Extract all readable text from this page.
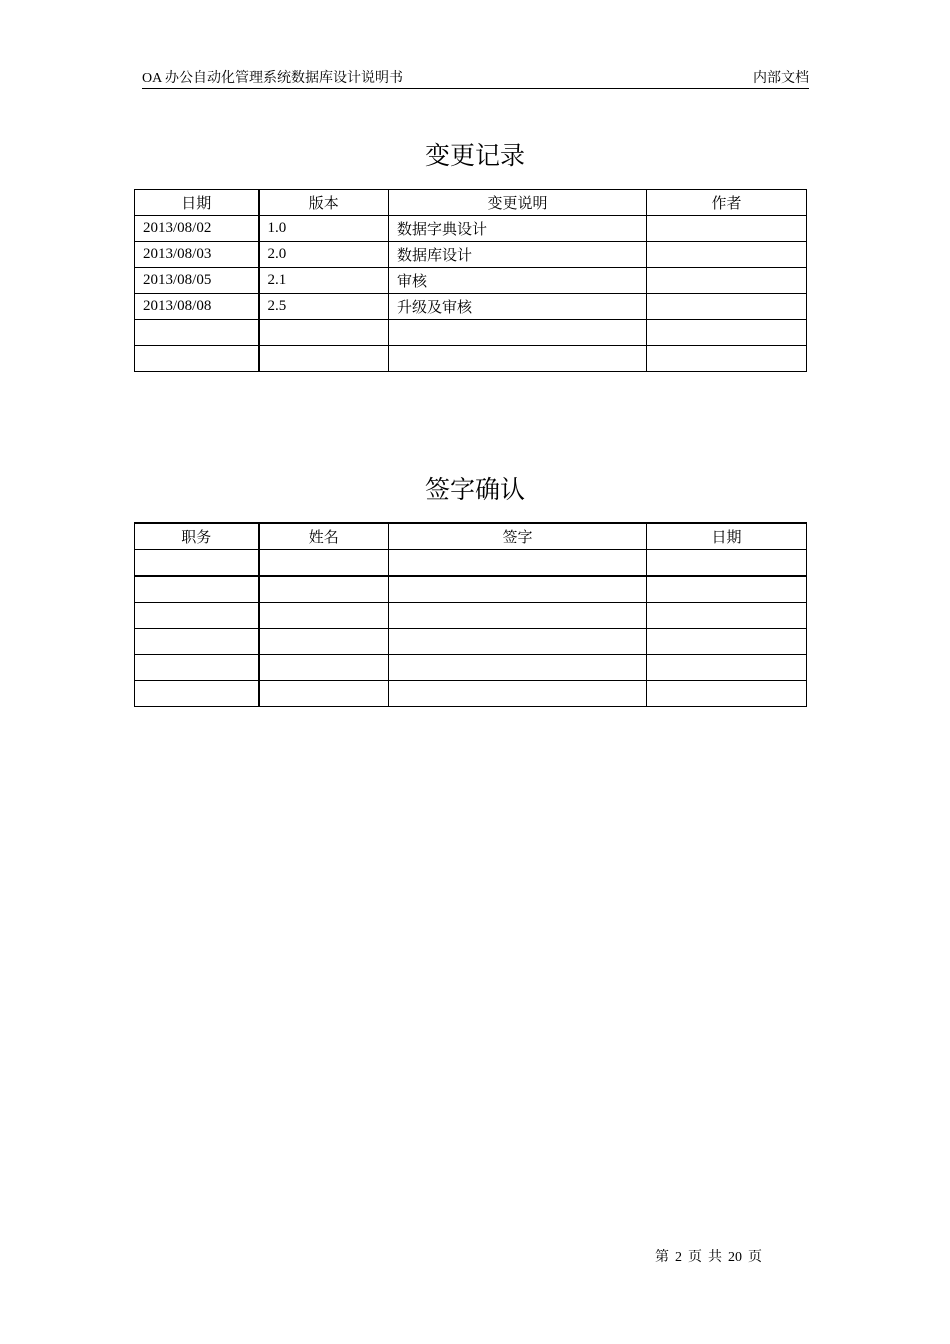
OA 办公自动化管理系统数据库设计说明书	内部文档
变更记录
日期	版本	变更说明	作者
2013/08/02	1.0	数据字典设计	
2013/08/03	2.0	数据库设计	
2013/08/05	2.1	审核	
2013/08/08	2.5	升级及审核	

签字确认
职务	姓名	签字	日期

第 2 页 共 20 页
